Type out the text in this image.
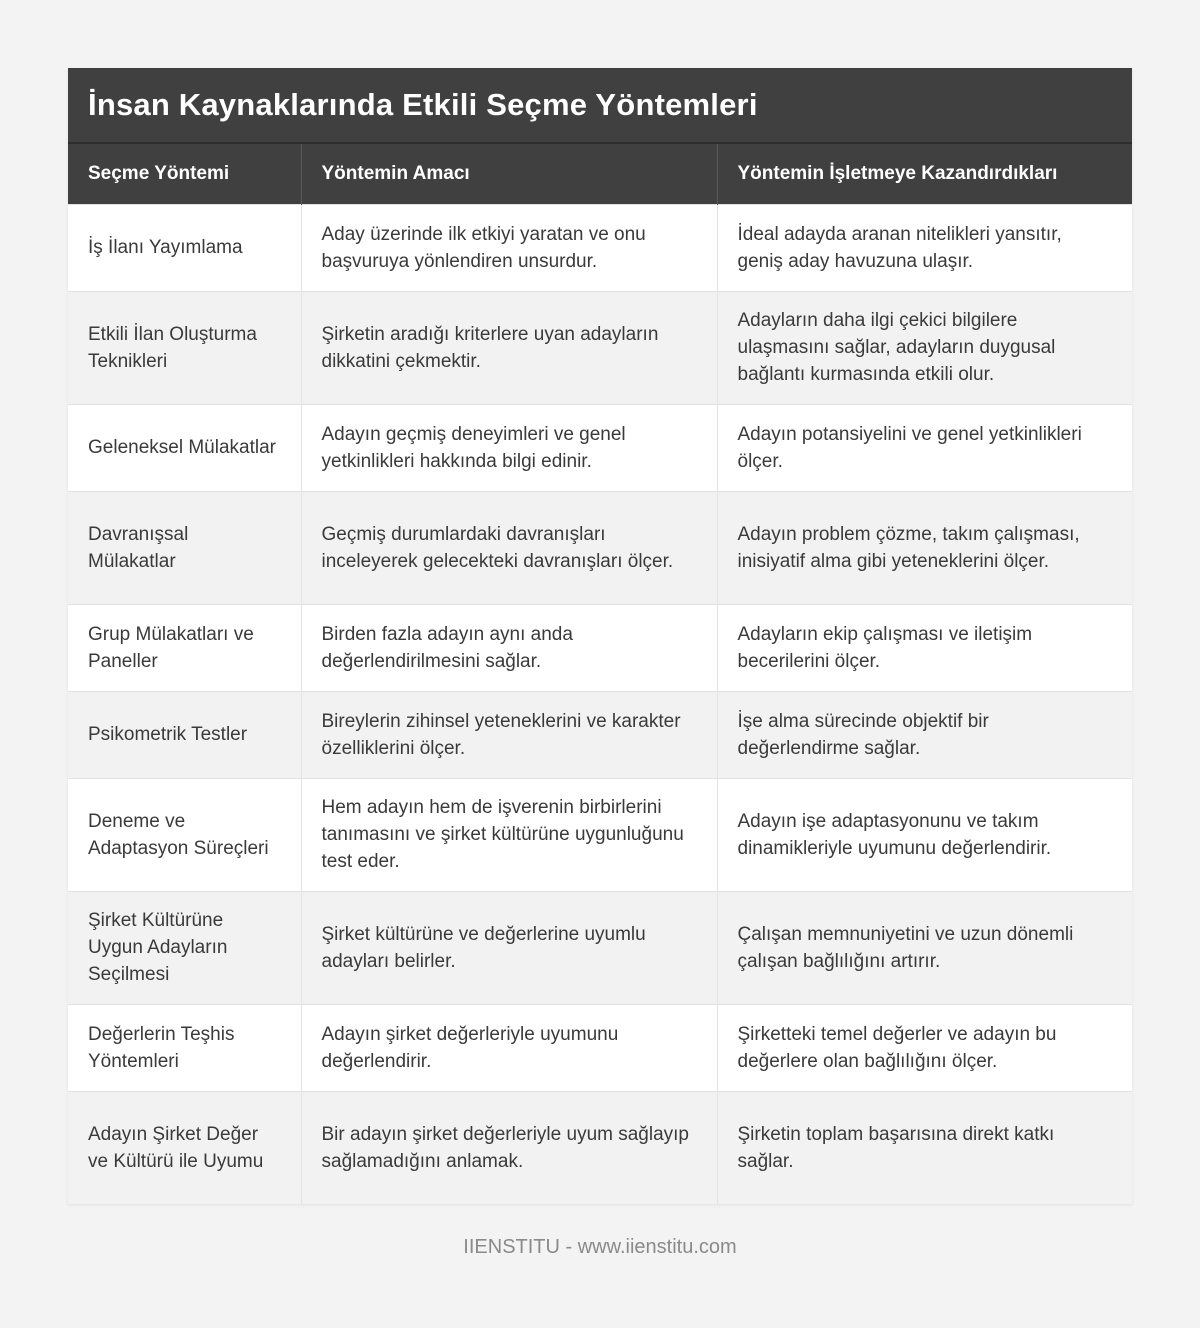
İnsan Kaynaklarında Etkili Seçme Yöntemleri
Seçme Yöntemi	Yöntemin Amacı	Yöntemin İşletmeye Kazandırdıkları
İş İlanı Yayımlama	Aday üzerinde ilk etkiyi yaratan ve onu başvuruya yönlendiren unsurdur.	İdeal adayda aranan nitelikleri yansıtır, geniş aday havuzuna ulaşır.
Etkili İlan Oluşturma Teknikleri	Şirketin aradığı kriterlere uyan adayların dikkatini çekmektir.	Adayların daha ilgi çekici bilgilere ulaşmasını sağlar, adayların duygusal bağlantı kurmasında etkili olur.
Geleneksel Mülakatlar	Adayın geçmiş deneyimleri ve genel yetkinlikleri hakkında bilgi edinir.	Adayın potansiyelini ve genel yetkinlikleri ölçer.
Davranışsal Mülakatlar	Geçmiş durumlardaki davranışları inceleyerek gelecekteki davranışları ölçer.	Adayın problem çözme, takım çalışması, inisiyatif alma gibi yeteneklerini ölçer.
Grup Mülakatları ve Paneller	Birden fazla adayın aynı anda değerlendirilmesini sağlar.	Adayların ekip çalışması ve iletişim becerilerini ölçer.
Psikometrik Testler	Bireylerin zihinsel yeteneklerini ve karakter özelliklerini ölçer.	İşe alma sürecinde objektif bir değerlendirme sağlar.
Deneme ve Adaptasyon Süreçleri	Hem adayın hem de işverenin birbirlerini tanımasını ve şirket kültürüne uygunluğunu test eder.	Adayın işe adaptasyonunu ve takım dinamikleriyle uyumunu değerlendirir.
Şirket Kültürüne Uygun Adayların Seçilmesi	Şirket kültürüne ve değerlerine uyumlu adayları belirler.	Çalışan memnuniyetini ve uzun dönemli çalışan bağlılığını artırır.
Değerlerin Teşhis Yöntemleri	Adayın şirket değerleriyle uyumunu değerlendirir.	Şirketteki temel değerler ve adayın bu değerlere olan bağlılığını ölçer.
Adayın Şirket Değer ve Kültürü ile Uyumu	Bir adayın şirket değerleriyle uyum sağlayıp sağlamadığını anlamak.	Şirketin toplam başarısına direkt katkı sağlar.
IIENSTITU - www.iienstitu.com
